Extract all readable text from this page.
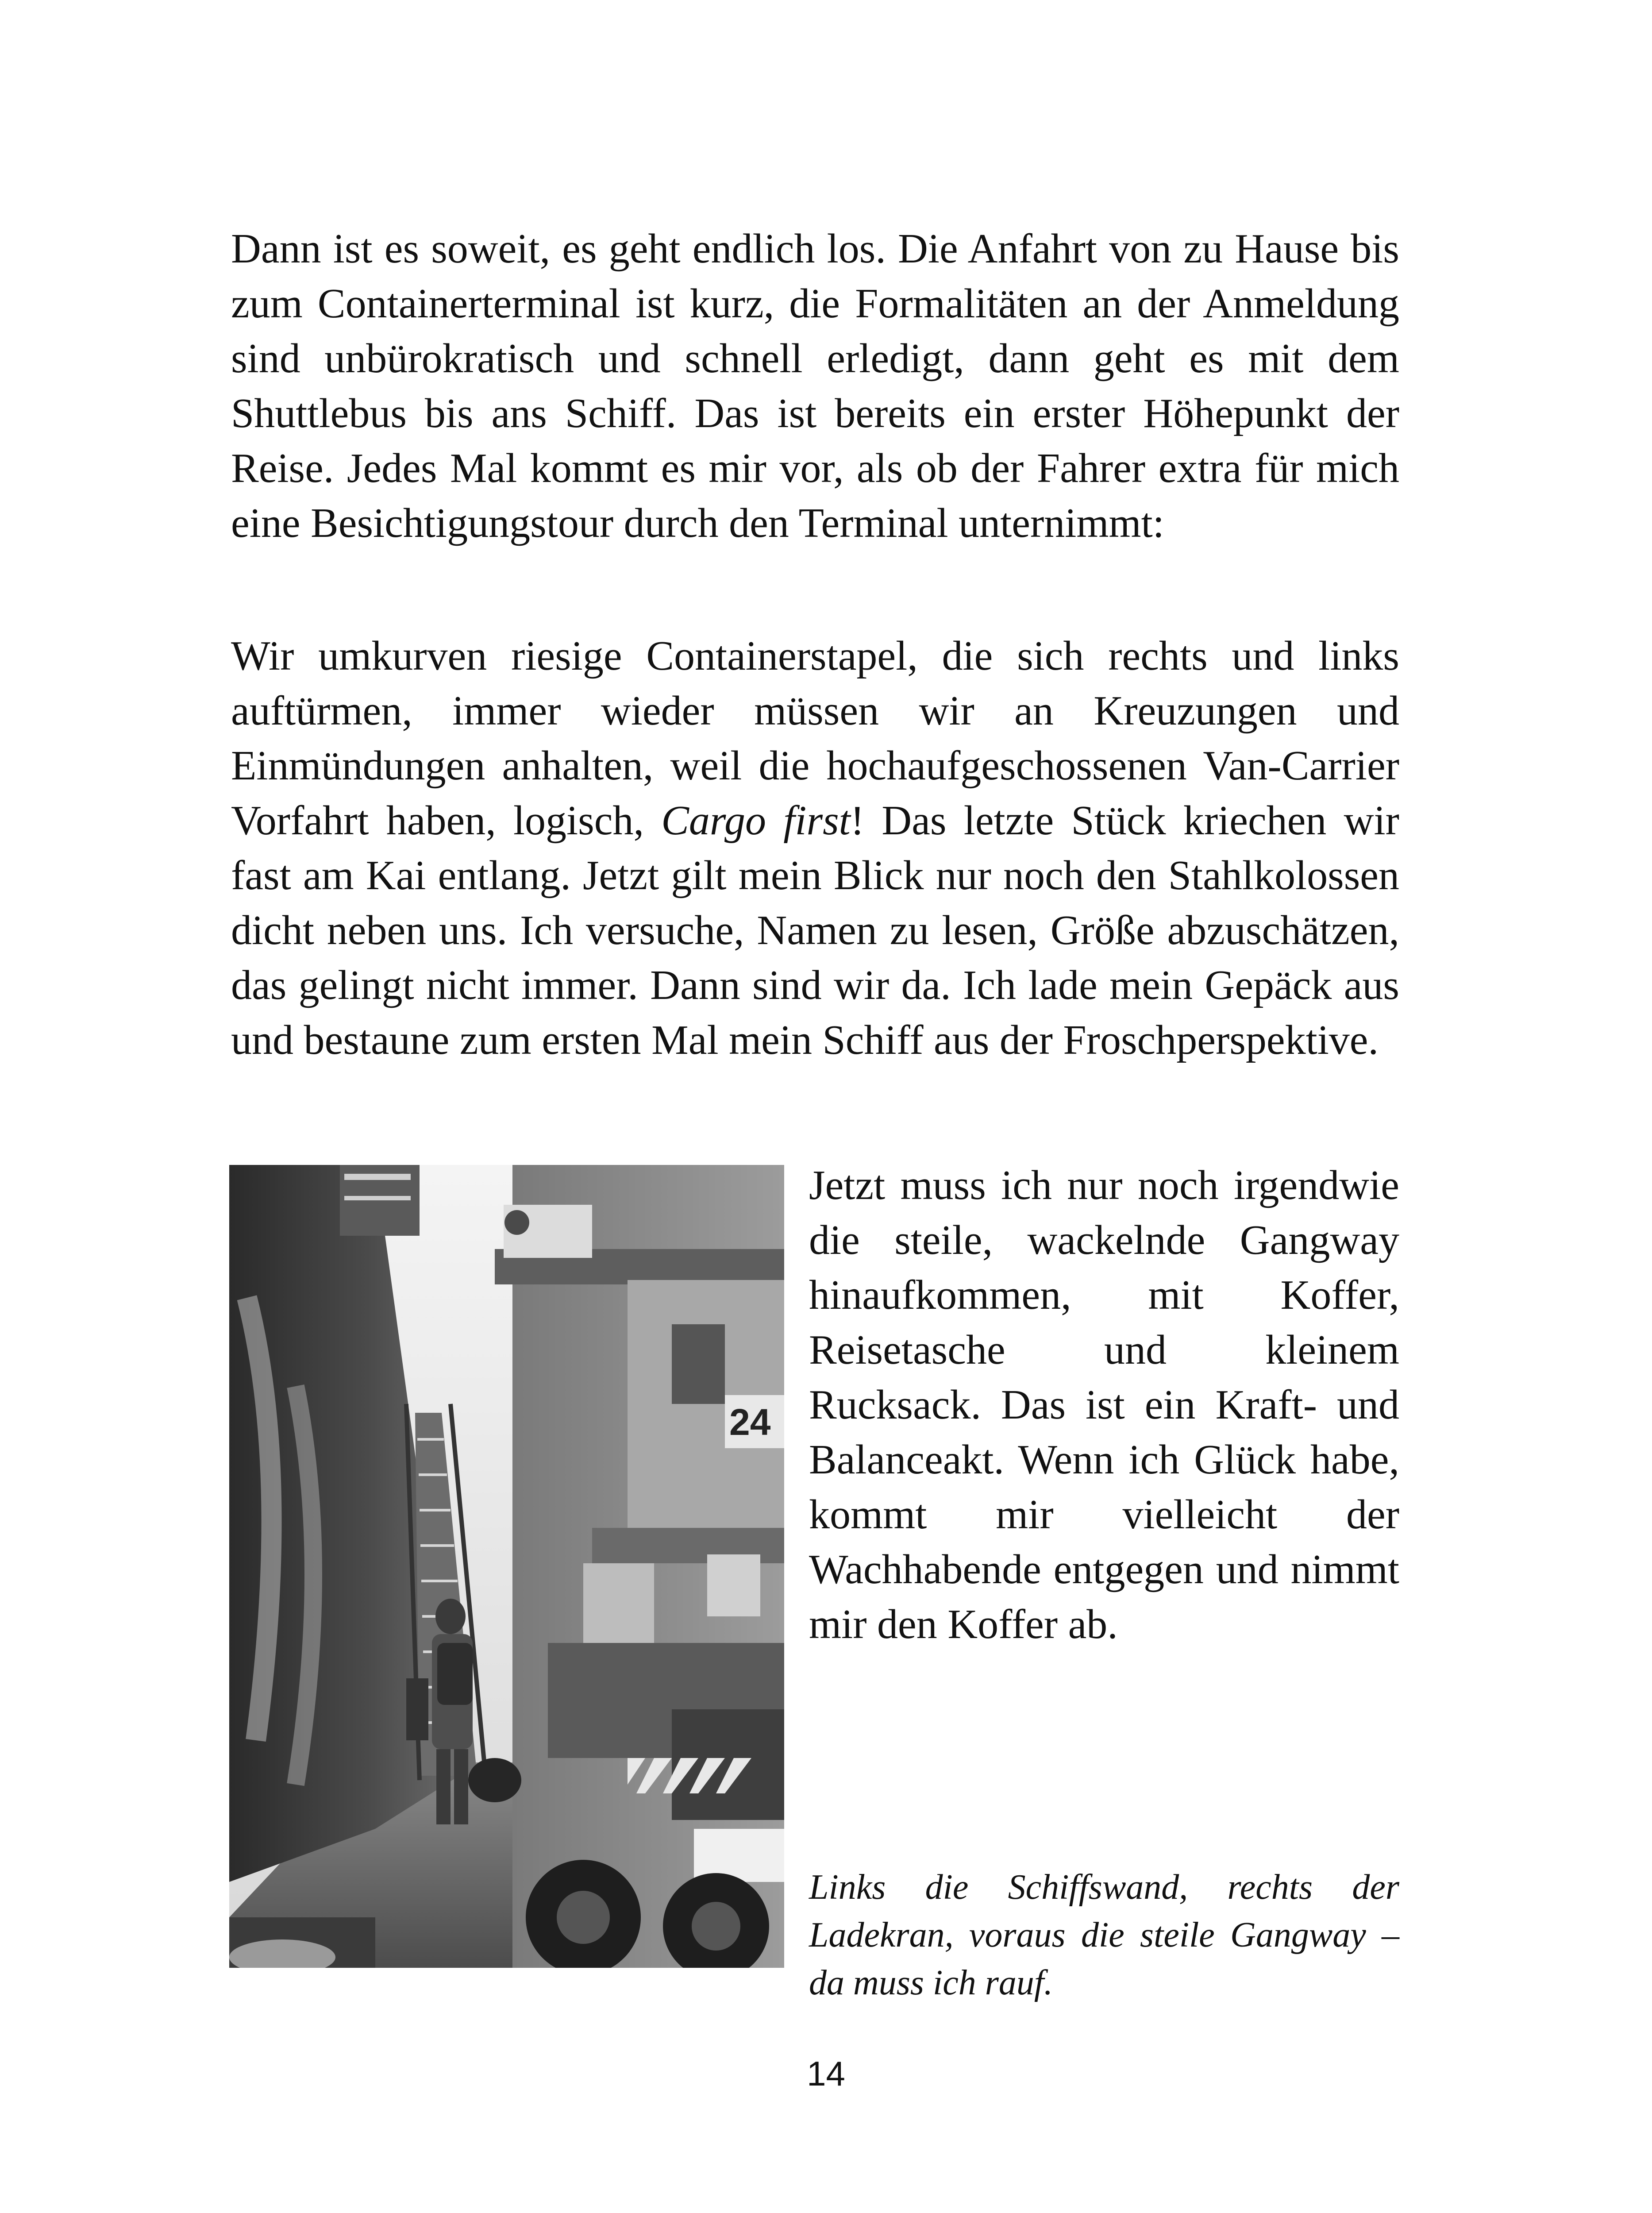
Dann ist es soweit, es geht endlich los. Die Anfahrt von zu Hause bis zum Containerterminal ist kurz, die Formalitäten an der Anmeldung sind unbürokratisch und schnell erledigt, dann geht es mit dem Shuttlebus bis ans Schiff. Das ist bereits ein erster Höhepunkt der Reise. Jedes Mal kommt es mir vor, als ob der Fahrer extra für mich eine Besichtigungstour durch den Terminal unternimmt:

Wir umkurven riesige Containerstapel, die sich rechts und links auftürmen, immer wieder müssen wir an Kreuzungen und Einmündungen anhalten, weil die hochaufgeschossenen Van-Carrier Vorfahrt haben, logisch, Cargo first! Das letzte Stück kriechen wir fast am Kai entlang. Jetzt gilt mein Blick nur noch den Stahlkolossen dicht neben uns. Ich versuche, Namen zu lesen, Größe abzuschätzen, das gelingt nicht immer. Dann sind wir da. Ich lade mein Gepäck aus und bestaune zum ersten Mal mein Schiff aus der Froschperspektive.

24

Jetzt muss ich nur noch irgendwie die steile, wackelnde Gangway hinaufkommen, mit Koffer, Reisetasche und kleinem Rucksack. Das ist ein Kraft- und Balanceakt. Wenn ich Glück habe, kommt mir vielleicht der Wachhabende entgegen und nimmt mir den Koffer ab.

Links die Schiffswand, rechts der Ladekran, voraus die steile Gangway – da muss ich rauf.
14
